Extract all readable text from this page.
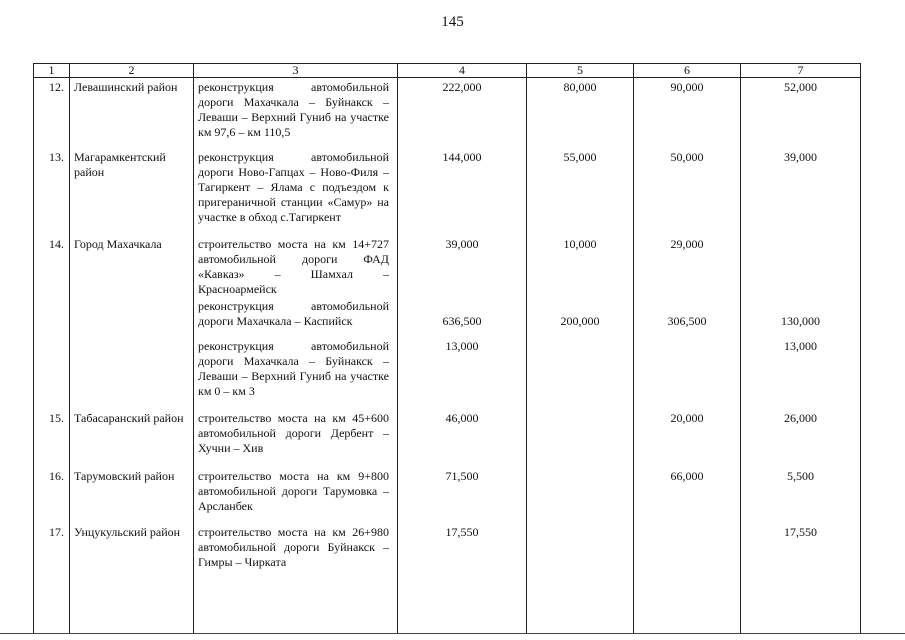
145
1	2	3	4	5	6	7
12.	Левашинский район	реконструкция автомобильной дороги Махачкала – Буйнакск – Леваши – Верхний Гуниб на участке км 97,6 – км 110,5	222,000	80,000	90,000	52,000
13.	Магарамкентский район	реконструкция автомобильной дороги Ново-Гапцах – Ново-Филя – Тагиркент – Ялама с подъездом к пригераничной станции «Самур» на участке в обход с.Тагиркент	144,000	55,000	50,000	39,000
14.	Город Махачкала	строительство моста на км 14+727 автомобильной дороги ФАД «Кавказ» – Шамхал – Красноармейск	39,000	10,000	29,000	
		реконструкция автомобильной дороги Махачкала – Каспийск	636,500	200,000	306,500	130,000
		реконструкция автомобильной дороги Махачкала – Буйнакск – Леваши – Верхний Гуниб на участке км 0 – км 3	13,000			13,000
15.	Табасаранский район	строительство моста на км 45+600 автомобильной дороги Дербент – Хучни – Хив	46,000		20,000	26,000
16.	Тарумовский район	строительство моста на км 9+800 автомобильной дороги Тарумовка – Арсланбек	71,500		66,000	5,500
17.	Унцукульский район	строительство моста на км 26+980 автомобильной дороги Буйнакск – Гимры – Чирката	17,550			17,550
